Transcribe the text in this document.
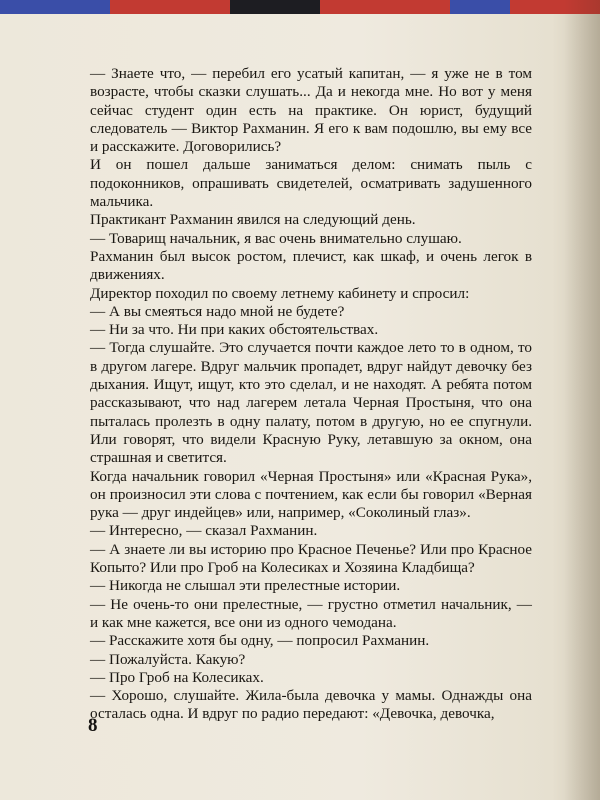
— Знаете что, — перебил его усатый капитан, — я уже не в том возрасте, чтобы сказки слушать... Да и некогда мне. Но вот у меня сейчас студент один есть на практике. Он юрист, будущий следователь — Виктор Рахманин. Я его к вам подошлю, вы ему все и расскажите. Договорились?

И он пошел дальше заниматься делом: снимать пыль с подоконников, опрашивать свидетелей, осматривать задушенного мальчика.

Практикант Рахманин явился на следующий день.

— Товарищ начальник, я вас очень внимательно слушаю.

Рахманин был высок ростом, плечист, как шкаф, и очень легок в движениях.

Директор походил по своему летнему кабинету и спросил:

— А вы смеяться надо мной не будете?

— Ни за что. Ни при каких обстоятельствах.

— Тогда слушайте. Это случается почти каждое лето то в одном, то в другом лагере. Вдруг мальчик пропадет, вдруг найдут девочку без дыхания. Ищут, ищут, кто это сделал, и не находят. А ребята потом рассказывают, что над лагерем летала Черная Простыня, что она пыталась пролезть в одну палату, потом в другую, но ее спугнули. Или говорят, что видели Красную Руку, летавшую за окном, она страшная и светится.

Когда начальник говорил «Черная Простыня» или «Красная Рука», он произносил эти слова с почтением, как если бы говорил «Верная рука — друг индейцев» или, например, «Соколиный глаз».

— Интересно, — сказал Рахманин.

— А знаете ли вы историю про Красное Печенье? Или про Красное Копыто? Или про Гроб на Колесиках и Хозяина Кладбища?

— Никогда не слышал эти прелестные истории.

— Не очень-то они прелестные, — грустно отметил начальник, — и как мне кажется, все они из одного чемодана.

— Расскажите хотя бы одну, — попросил Рахманин.

— Пожалуйста. Какую?

— Про Гроб на Колесиках.

— Хорошо, слушайте. Жила-была девочка у мамы. Однажды она осталась одна. И вдруг по радио передают: «Девочка, девочка,

8
